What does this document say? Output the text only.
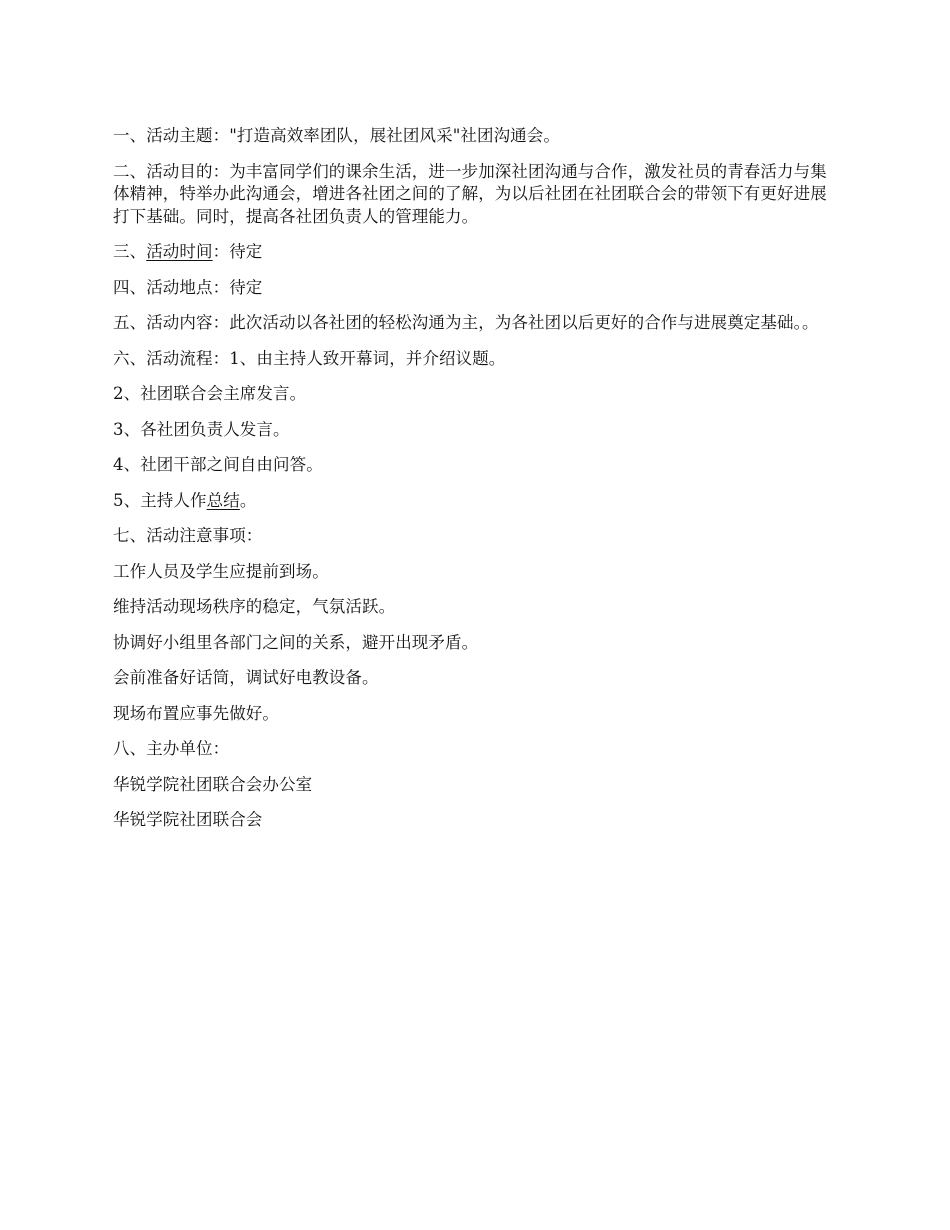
一、活动主题："打造高效率团队，展社团风采"社团沟通会。

二、活动目的：为丰富同学们的课余生活，进一步加深社团沟通与合作，激发社员的青春活力与集体精神，特举办此沟通会，增进各社团之间的了解，为以后社团在社团联合会的带领下有更好进展打下基础。同时，提高各社团负责人的管理能力。

三、活动时间：待定

四、活动地点：待定

五、活动内容：此次活动以各社团的轻松沟通为主，为各社团以后更好的合作与进展奠定基础。。

六、活动流程：1、由主持人致开幕词，并介绍议题。

2、社团联合会主席发言。

3、各社团负责人发言。

4、社团干部之间自由问答。

5、主持人作总结。

七、活动注意事项：

工作人员及学生应提前到场。

维持活动现场秩序的稳定，气氛活跃。

协调好小组里各部门之间的关系，避开出现矛盾。

会前准备好话筒，调试好电教设备。

现场布置应事先做好。

八、主办单位：

华锐学院社团联合会办公室

华锐学院社团联合会
